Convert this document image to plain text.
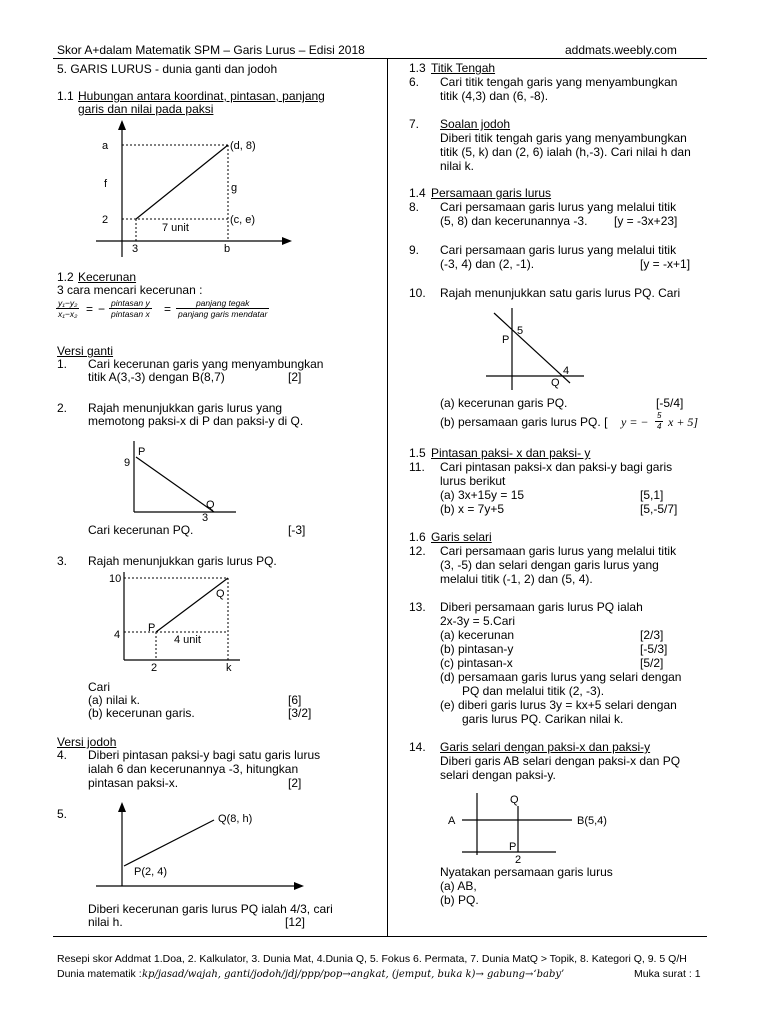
Skor A+dalam Matematik SPM – Garis Lurus – Edisi 2018	addmats.weebly.com
5. GARIS LURUS - dunia ganti dan jodoh
1.1 Hubungan antara koordinat, pintasan, panjang
garis dan nilai pada paksi
a	(d, 8)
f	g
2	(c, e)
7 unit
3	b
1.2 Kecerunan
3 cara mencari kecerunan :
$\frac{\text{y₁−y₂}}{\text{x₁−x₂}}$ = − pintasan y
pintasan x =	panjang tegak
panjang garis mendatar
Versi ganti
1. Cari kecerunan garis yang menyambungkan
titik A(3,-3) dengan B(8,7)	[2]
2. Rajah menunjukkan garis lurus yang
memotong paksi-x di P dan paksi-y di Q.
P
9
Q
3
Cari kecerunan PQ.	[-3]
3. Rajah menunjukkan garis lurus PQ.
10
Q
4
P
4 unit
2	k
Cari
(a) nilai k.	[6]
(b) kecerunan garis.	[3/2]
Versi jodoh
4. Diberi pintasan paksi-y bagi satu garis lurus
ialah 6 dan kecerunannya -3, hitungkan
pintasan paksi-x.	[2]
5.	Q(8, h)
P(2, 4)
Diberi kecerunan garis lurus PQ ialah 4/3, cari
nilai h.	[12]
1.3 Titik Tengah
6. Cari titik tengah garis yang menyambungkan
titik (4,3) dan (6, -8).
7. Soalan jodoh
Diberi titik tengah garis yang menyambungkan
titik (5, k) dan (2, 6) ialah (h,-3). Cari nilai h dan
nilai k.
1.4 Persamaan garis lurus
8. Cari persamaan garis lurus yang melalui titik
(5, 8) dan kecerunannya -3. [y = -3x+23]
9. Cari persamaan garis lurus yang melalui titik
(-3, 4) dan (2, -1).	[y = -x+1]
10. Rajah menunjukkan satu garis lurus PQ. Cari
5
P
4
Q
(a) kecerunan garis PQ.	[-5/4]
(b) persamaan garis lurus PQ. [ y = − $\frac{5}{4}$ x + 5]
1.5 Pintasan paksi- x dan paksi- y
11. Cari pintasan paksi-x dan paksi-y bagi garis
lurus berikut
(a) 3x+15y = 15	[5,1]
(b) x = 7y+5	[5,-5/7]
1.6 Garis selari
12. Cari persamaan garis lurus yang melalui titik
(3, -5) dan selari dengan garis lurus yang
melalui titik (-1, 2) dan (5, 4).
13. Diberi persamaan garis lurus PQ ialah
2x-3y = 5.Cari
(a) kecerunan	[2/3]
(b) pintasan-y	[-5/3]
(c) pintasan-x	[5/2]
(d) persamaan garis lurus yang selari dengan
PQ dan melalui titik (2, -3).
(e) diberi garis lurus 3y = kx+5 selari dengan
garis lurus PQ. Carikan nilai k.
14. Garis selari dengan paksi-x dan paksi-y
Diberi garis AB selari dengan paksi-x dan PQ
selari dengan paksi-y.
Q
A	B(5,4)
P
2
Nyatakan persamaan garis lurus
(a) AB,
(b) PQ.
Resepi skor Addmat 1.Doa, 2. Kalkulator, 3. Dunia Mat, 4.Dunia Q, 5. Fokus 6. Permata, 7. Dunia MatQ > Topik, 8. Kategori Q, 9. 5 Q/H
Dunia matematik : kp/jasad/wajah, ganti/jodoh/jdj/ppp/pop→angkat, (jemput, buka k)→ gabung→‘baby’	Muka surat : 1
